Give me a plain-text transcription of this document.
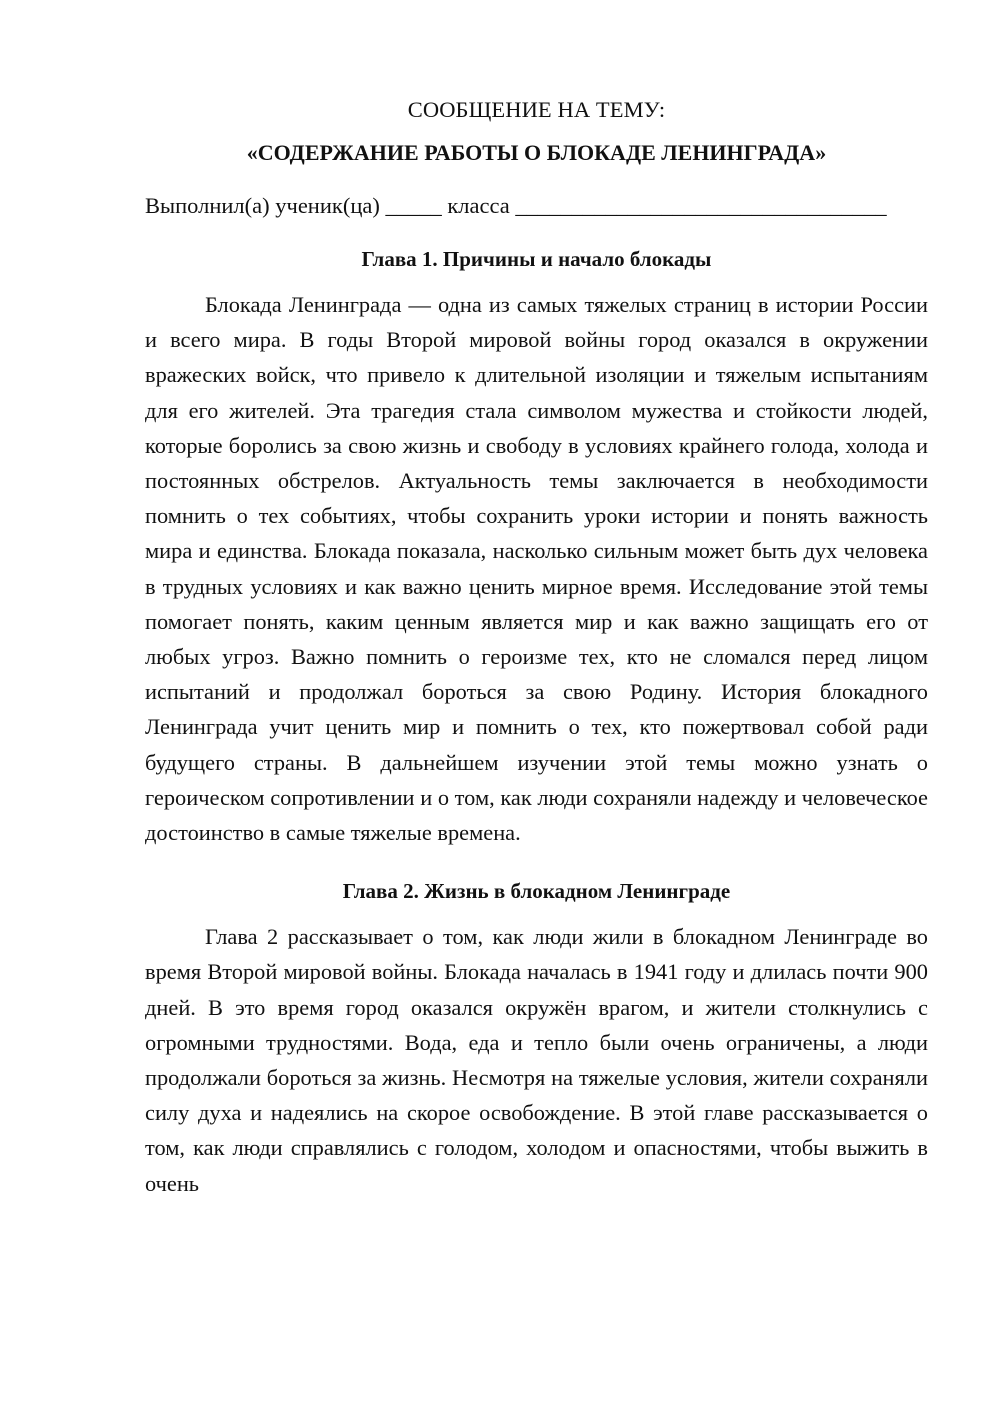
СООБЩЕНИЕ НА ТЕМУ:
«СОДЕРЖАНИЕ РАБОТЫ О БЛОКАДЕ ЛЕНИНГРАДА»
Выполнил(а) ученик(ца) _____ класса _________________________________
Глава 1. Причины и начало блокады

Блокада Ленинграда — одна из самых тяжелых страниц в истории России и всего мира. В годы Второй мировой войны город оказался в окружении вражеских войск, что привело к длительной изоляции и тяжелым испытаниям для его жителей. Эта трагедия стала символом мужества и стойкости людей, которые боролись за свою жизнь и свободу в условиях крайнего голода, холода и постоянных обстрелов. Актуальность темы заключается в необходимости помнить о тех событиях, чтобы сохранить уроки истории и понять важность мира и единства. Блокада показала, насколько сильным может быть дух человека в трудных условиях и как важно ценить мирное время. Исследование этой темы помогает понять, каким ценным является мир и как важно защищать его от любых угроз. Важно помнить о героизме тех, кто не сломался перед лицом испытаний и продолжал бороться за свою Родину. История блокадного Ленинграда учит ценить мир и помнить о тех, кто пожертвовал собой ради будущего страны. В дальнейшем изучении этой темы можно узнать о героическом сопротивлении и о том, как люди сохраняли надежду и человеческое достоинство в самые тяжелые времена.

Глава 2. Жизнь в блокадном Ленинграде

Глава 2 рассказывает о том, как люди жили в блокадном Ленинграде во время Второй мировой войны. Блокада началась в 1941 году и длилась почти 900 дней. В это время город оказался окружён врагом, и жители столкнулись с огромными трудностями. Вода, еда и тепло были очень ограничены, а люди продолжали бороться за жизнь. Несмотря на тяжелые условия, жители сохраняли силу духа и надеялись на скорое освобождение. В этой главе рассказывается о том, как люди справлялись с голодом, холодом и опасностями, чтобы выжить в очень
